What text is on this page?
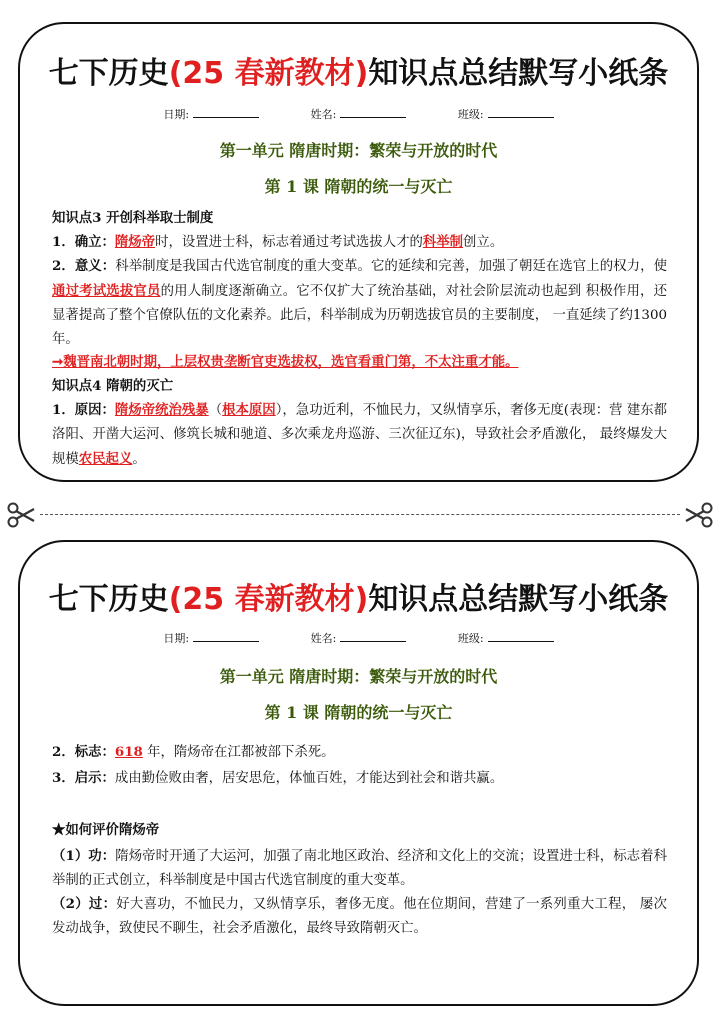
七下历史(25 春新教材)知识点总结默写小纸条
日期:	姓名:	班级:
第一单元 隋唐时期：繁荣与开放的时代
第 1 课 隋朝的统一与灭亡
知识点3 开创科举取士制度
1．确立：隋炀帝时，设置进士科，标志着通过考试选拔人才的科举制创立。
2．意义：科举制度是我国古代选官制度的重大变革。它的延续和完善，加强了朝廷在选官上的权力，使通过考试选拔官员的用人制度逐渐确立。它不仅扩大了统治基础，对社会阶层流动也起到 积极作用，还显著提高了整个官僚队伍的文化素养。此后，科举制成为历朝选拔官员的主要制度， 一直延续了约1300 年。
➞魏晋南北朝时期，上层权贵垄断官吏选拔权，选官看重门第，不太注重才能。
知识点4 隋朝的灭亡
1．原因：隋炀帝统治残暴（根本原因），急功近利，不恤民力，又纵情享乐，奢侈无度(表现：营 建东都洛阳、开凿大运河、修筑长城和驰道、多次乘龙舟巡游、三次征辽东)，导致社会矛盾激化， 最终爆发大规模农民起义。
七下历史(25 春新教材)知识点总结默写小纸条
日期:	姓名:	班级:
第一单元 隋唐时期：繁荣与开放的时代
第 1 课 隋朝的统一与灭亡
2．标志：618 年，隋炀帝在江都被部下杀死。
3．启示：成由勤俭败由奢，居安思危，体恤百姓，才能达到社会和谐共赢。
★如何评价隋炀帝
（1）功：隋炀帝时开通了大运河，加强了南北地区政治、经济和文化上的交流；设置进士科，标志着科举制的正式创立，科举制度是中国古代选官制度的重大变革。
（2）过：好大喜功，不恤民力，又纵情享乐，奢侈无度。他在位期间，营建了一系列重大工程， 屡次发动战争，致使民不聊生，社会矛盾激化，最终导致隋朝灭亡。
